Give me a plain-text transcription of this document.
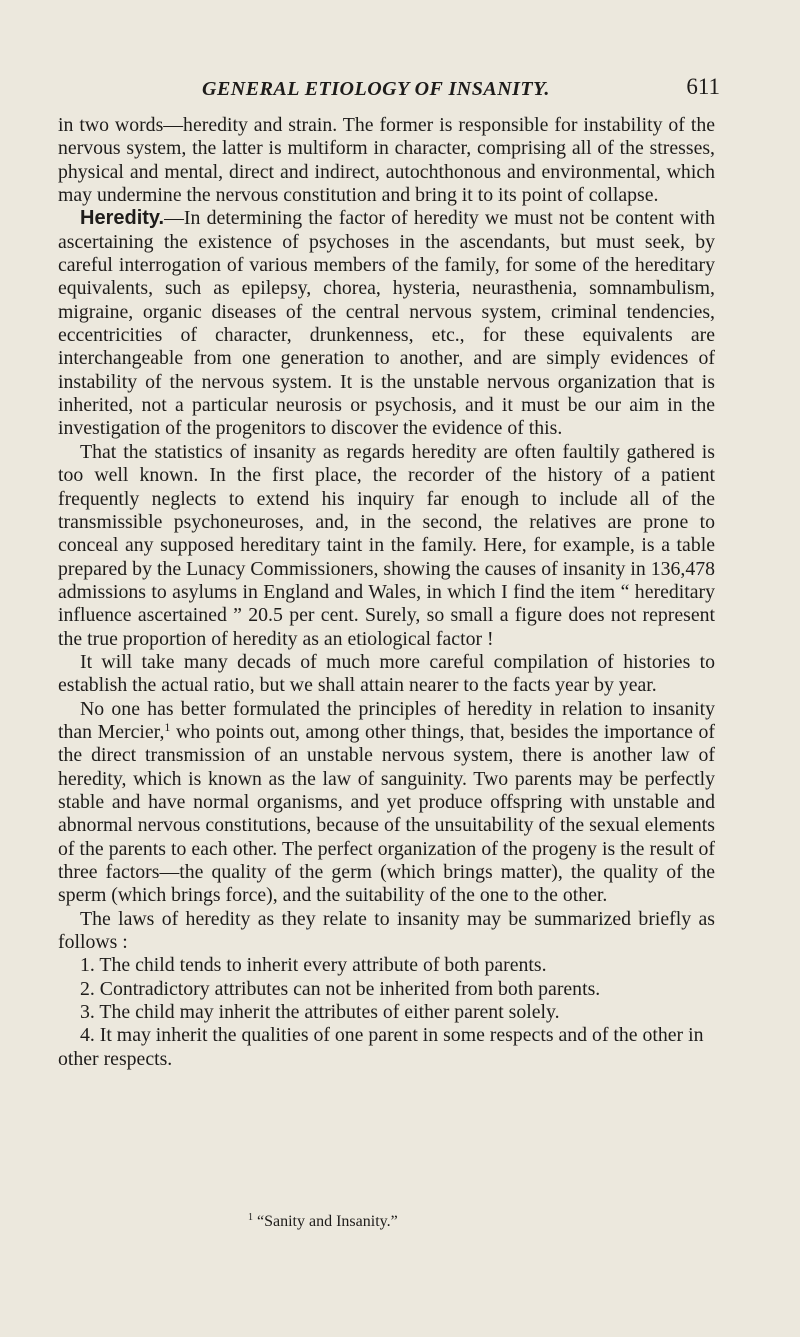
GENERAL ETIOLOGY OF INSANITY.	611

in two words—heredity and strain. The former is responsible for instability of the nervous system, the latter is multiform in character, comprising all of the stresses, physical and mental, direct and indirect, autochthonous and environmental, which may undermine the nervous constitution and bring it to its point of collapse.

Heredity.—In determining the factor of heredity we must not be content with ascertaining the existence of psychoses in the ascendants, but must seek, by careful interrogation of various members of the family, for some of the hereditary equivalents, such as epilepsy, chorea, hysteria, neurasthenia, somnambulism, migraine, organic diseases of the central nervous system, criminal tendencies, eccentricities of character, drunkenness, etc., for these equivalents are interchangeable from one generation to another, and are simply evidences of instability of the nervous system. It is the unstable nervous organization that is inherited, not a particular neurosis or psychosis, and it must be our aim in the investigation of the progenitors to discover the evidence of this.

That the statistics of insanity as regards heredity are often faultily gathered is too well known. In the first place, the recorder of the history of a patient frequently neglects to extend his inquiry far enough to include all of the transmissible psychoneuroses, and, in the second, the relatives are prone to conceal any supposed hereditary taint in the family. Here, for example, is a table prepared by the Lunacy Commissioners, showing the causes of insanity in 136,478 admissions to asylums in England and Wales, in which I find the item “ hereditary influence ascertained ” 20.5 per cent. Surely, so small a figure does not represent the true proportion of heredity as an etiological factor !

It will take many decads of much more careful compilation of histories to establish the actual ratio, but we shall attain nearer to the facts year by year.

No one has better formulated the principles of heredity in relation to insanity than Mercier,$^1$ who points out, among other things, that, besides the importance of the direct transmission of an unstable nervous system, there is another law of heredity, which is known as the law of sanguinity. Two parents may be perfectly stable and have normal organisms, and yet produce offspring with unstable and abnormal nervous constitutions, because of the unsuitability of the sexual elements of the parents to each other. The perfect organization of the progeny is the result of three factors—the quality of the germ (which brings matter), the quality of the sperm (which brings force), and the suitability of the one to the other.

The laws of heredity as they relate to insanity may be summarized briefly as follows :

1. The child tends to inherit every attribute of both parents.

2. Contradictory attributes can not be inherited from both parents.

3. The child may inherit the attributes of either parent solely.

4. It may inherit the qualities of one parent in some respects and of the other in other respects.

$^1$ “Sanity and Insanity.”
